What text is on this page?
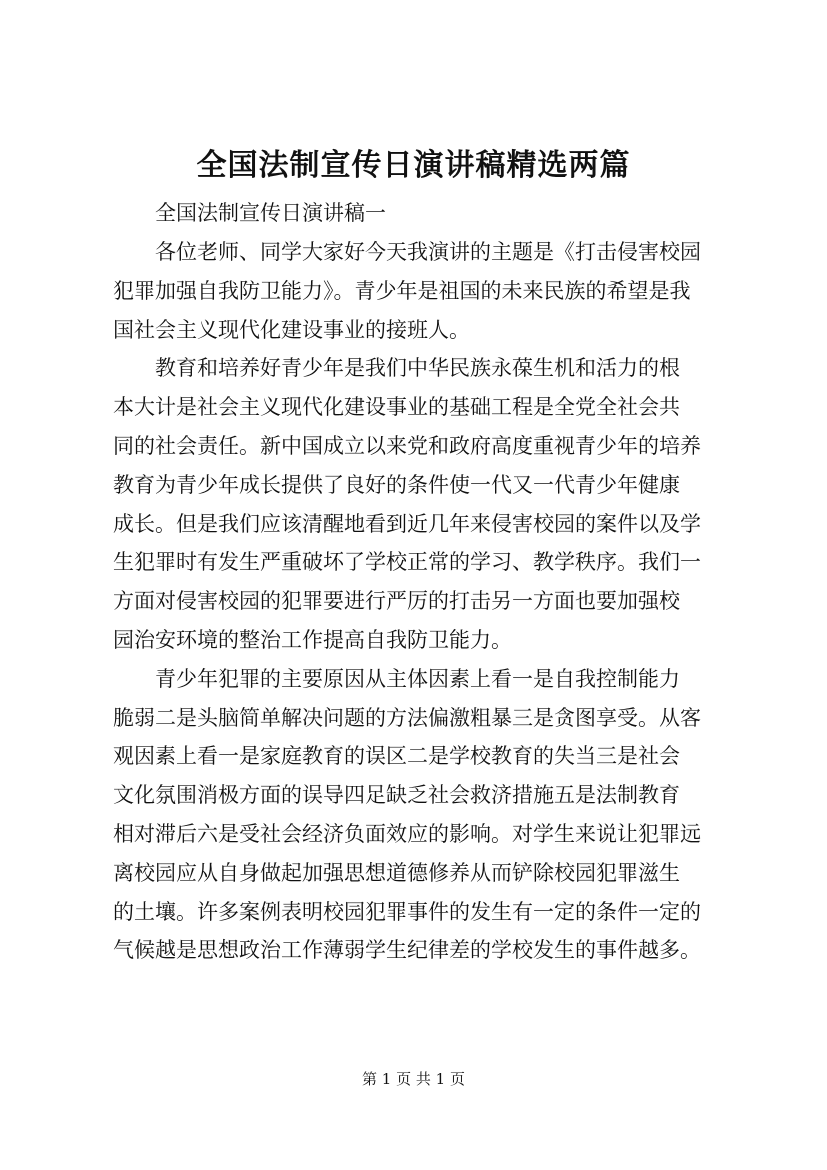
全国法制宣传日演讲稿精选两篇

全国法制宣传日演讲稿一

各位老师、同学大家好今天我演讲的主题是《打击侵害校园

犯罪加强自我防卫能力》。青少年是祖国的未来民族的希望是我

国社会主义现代化建设事业的接班人。

教育和培养好青少年是我们中华民族永葆生机和活力的根

本大计是社会主义现代化建设事业的基础工程是全党全社会共

同的社会责任。新中国成立以来党和政府高度重视青少年的培养

教育为青少年成长提供了良好的条件使一代又一代青少年健康

成长。但是我们应该清醒地看到近几年来侵害校园的案件以及学

生犯罪时有发生严重破坏了学校正常的学习、教学秩序。我们一

方面对侵害校园的犯罪要进行严厉的打击另一方面也要加强校

园治安环境的整治工作提高自我防卫能力。

青少年犯罪的主要原因从主体因素上看一是自我控制能力

脆弱二是头脑简单解决问题的方法偏激粗暴三是贪图享受。从客

观因素上看一是家庭教育的误区二是学校教育的失当三是社会

文化氛围消极方面的误导四足缺乏社会救济措施五是法制教育

相对滞后六是受社会经济负面效应的影响。对学生来说让犯罪远

离校园应从自身做起加强思想道德修养从而铲除校园犯罪滋生

的土壤。许多案例表明校园犯罪事件的发生有一定的条件一定的

气候越是思想政治工作薄弱学生纪律差的学校发生的事件越多。

第 1 页 共 1 页
